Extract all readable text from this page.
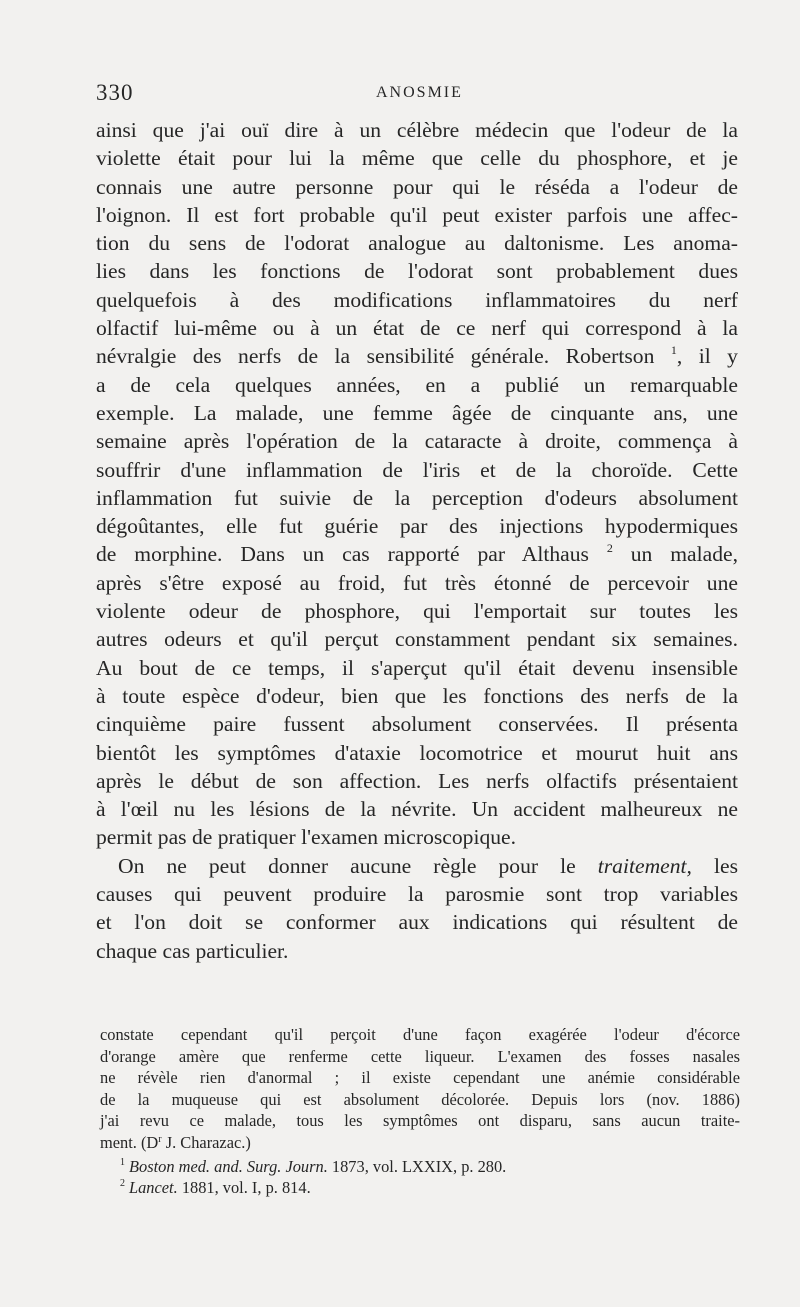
330	ANOSMIE

ainsi que j'ai ouï dire à un célèbre médecin que l'odeur de la
violette était pour lui la même que celle du phosphore, et je
connais une autre personne pour qui le réséda a l'odeur de
l'oignon. Il est fort probable qu'il peut exister parfois une affec-
tion du sens de l'odorat analogue au daltonisme. Les anoma-
lies dans les fonctions de l'odorat sont probablement dues
quelquefois à des modifications inflammatoires du nerf
olfactif lui-même ou à un état de ce nerf qui correspond à la
névralgie des nerfs de la sensibilité générale. Robertson $^1$, il y
a de cela quelques années, en a publié un remarquable
exemple. La malade, une femme âgée de cinquante ans, une
semaine après l'opération de la cataracte à droite, commença à
souffrir d'une inflammation de l'iris et de la choroïde. Cette
inflammation fut suivie de la perception d'odeurs absolument
dégoûtantes, elle fut guérie par des injections hypodermiques
de morphine. Dans un cas rapporté par Althaus $^2$ un malade,
après s'être exposé au froid, fut très étonné de percevoir une
violente odeur de phosphore, qui l'emportait sur toutes les
autres odeurs et qu'il perçut constamment pendant six semaines.
Au bout de ce temps, il s'aperçut qu'il était devenu insensible
à toute espèce d'odeur, bien que les fonctions des nerfs de la
cinquième paire fussent absolument conservées. Il présenta
bientôt les symptômes d'ataxie locomotrice et mourut huit ans
après le début de son affection. Les nerfs olfactifs présentaient
à l'œil nu les lésions de la névrite. Un accident malheureux ne
permit pas de pratiquer l'examen microscopique.

On ne peut donner aucune règle pour le traitement, les
causes qui peuvent produire la parosmie sont trop variables
et l'on doit se conformer aux indications qui résultent de
chaque cas particulier.

constate cependant qu'il perçoit d'une façon exagérée l'odeur d'écorce
d'orange amère que renferme cette liqueur. L'examen des fosses nasales
ne révèle rien d'anormal ; il existe cependant une anémie considérable
de la muqueuse qui est absolument décolorée. Depuis lors (nov. 1886)
j'ai revu ce malade, tous les symptômes ont disparu, sans aucun traite-
ment. ($D^r$ J. Charazac.)
$^1$ Boston med. and. Surg. Journ. 1873, vol. LXXIX, p. 280.
$^2$ Lancet. 1881, vol. I, p. 814.
